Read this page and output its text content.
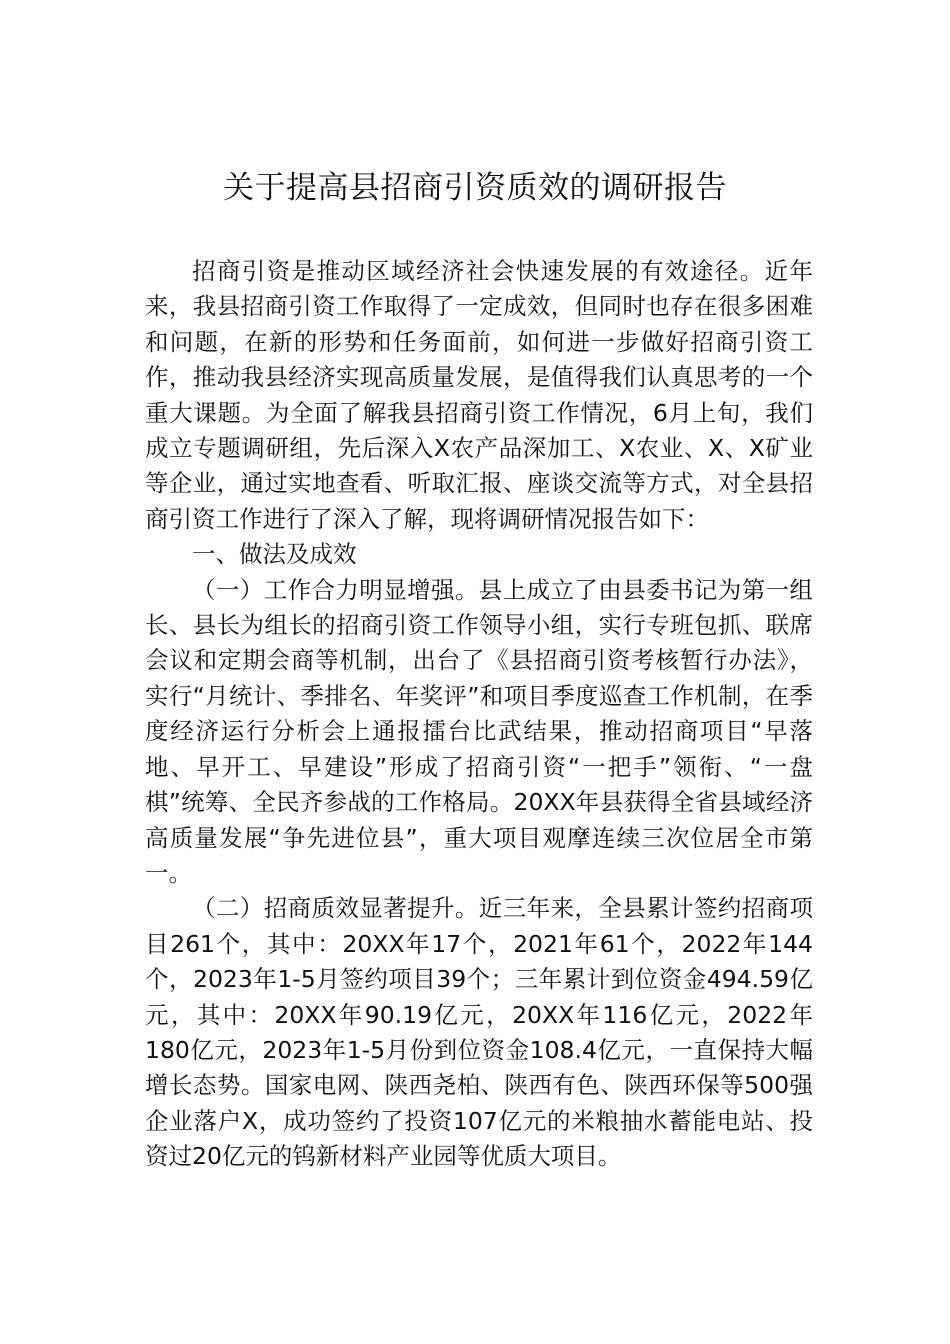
关于提高县招商引资质效的调研报告

招商引资是推动区域经济社会快速发展的有效途径。近年来，我县招商引资工作取得了一定成效，但同时也存在很多困难和问题，在新的形势和任务面前，如何进一步做好招商引资工作，推动我县经济实现高质量发展，是值得我们认真思考的一个重大课题。为全面了解我县招商引资工作情况，6月上旬，我们成立专题调研组，先后深入X农产品深加工、X农业、X、X矿业等企业，通过实地查看、听取汇报、座谈交流等方式，对全县招商引资工作进行了深入了解，现将调研情况报告如下：

一、做法及成效

（一）工作合力明显增强。县上成立了由县委书记为第一组长、县长为组长的招商引资工作领导小组，实行专班包抓、联席会议和定期会商等机制，出台了《县招商引资考核暂行办法》，实行“月统计、季排名、年奖评”和项目季度巡查工作机制，在季度经济运行分析会上通报擂台比武结果，推动招商项目“早落地、早开工、早建设”形成了招商引资“一把手”领衔、“一盘棋”统筹、全民齐参战的工作格局。20XX年县获得全省县域经济高质量发展“争先进位县”，重大项目观摩连续三次位居全市第一。

（二）招商质效显著提升。近三年来，全县累计签约招商项目261个，其中：20XX年17个，2021年61个，2022年144个，2023年1-5月签约项目39个；三年累计到位资金494.59亿元，其中：20XX年90.19亿元，20XX年116亿元，2022年180亿元，2023年1-5月份到位资金108.4亿元，一直保持大幅增长态势。国家电网、陕西尧柏、陕西有色、陕西环保等500强企业落户X，成功签约了投资107亿元的米粮抽水蓄能电站、投资过20亿元的钨新材料产业园等优质大项目。
